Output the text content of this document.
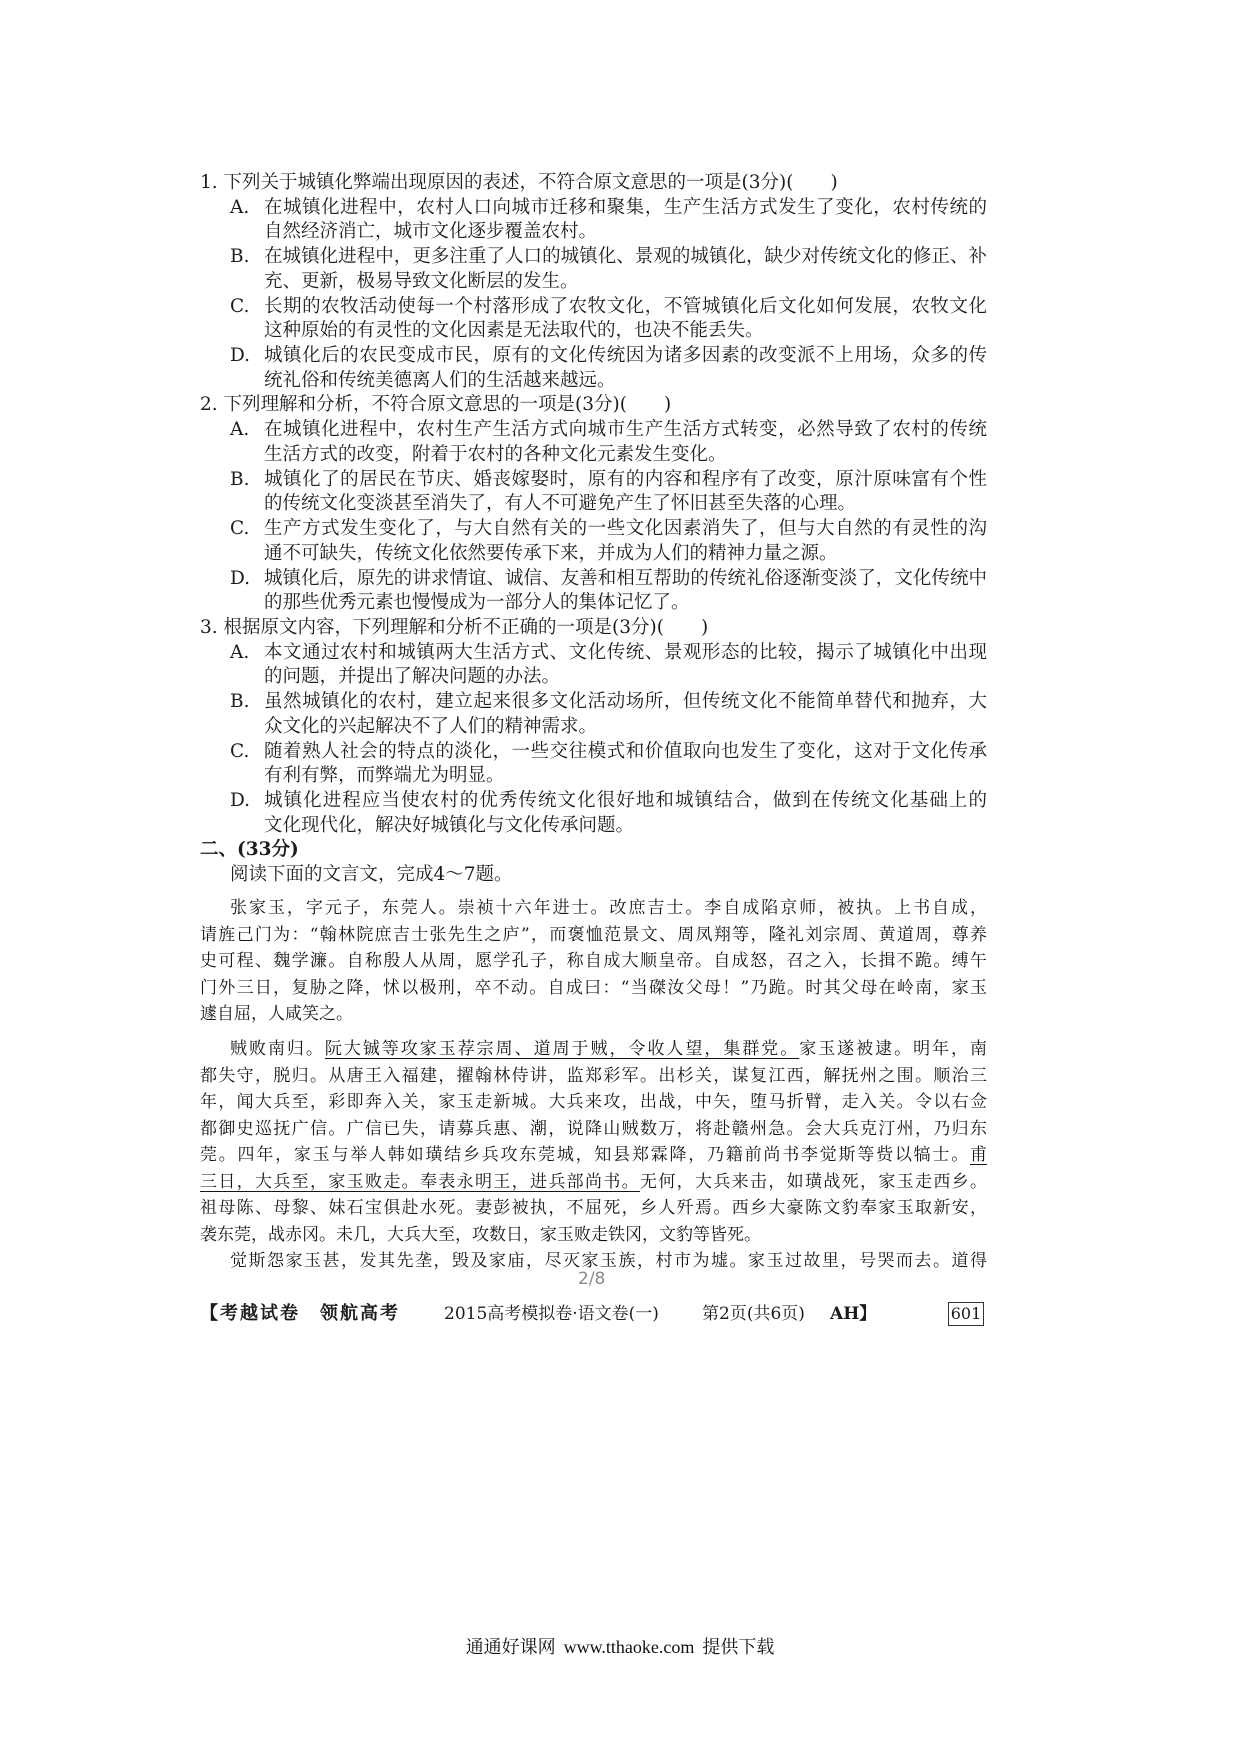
1. 下列关于城镇化弊端出现原因的表述，不符合原文意思的一项是(3分)(　　)
A. 在城镇化进程中，农村人口向城市迁移和聚集，生产生活方式发生了变化，农村传统的
自然经济消亡，城市文化逐步覆盖农村。
B. 在城镇化进程中，更多注重了人口的城镇化、景观的城镇化，缺少对传统文化的修正、补
充、更新，极易导致文化断层的发生。
C. 长期的农牧活动使每一个村落形成了农牧文化，不管城镇化后文化如何发展，农牧文化
这种原始的有灵性的文化因素是无法取代的，也决不能丢失。
D. 城镇化后的农民变成市民，原有的文化传统因为诸多因素的改变派不上用场，众多的传
统礼俗和传统美德离人们的生活越来越远。
2. 下列理解和分析，不符合原文意思的一项是(3分)(　　)
A. 在城镇化进程中，农村生产生活方式向城市生产生活方式转变，必然导致了农村的传统
生活方式的改变，附着于农村的各种文化元素发生变化。
B. 城镇化了的居民在节庆、婚丧嫁娶时，原有的内容和程序有了改变，原汁原味富有个性
的传统文化变淡甚至消失了，有人不可避免产生了怀旧甚至失落的心理。
C. 生产方式发生变化了，与大自然有关的一些文化因素消失了，但与大自然的有灵性的沟
通不可缺失，传统文化依然要传承下来，并成为人们的精神力量之源。
D. 城镇化后，原先的讲求情谊、诚信、友善和相互帮助的传统礼俗逐渐变淡了，文化传统中
的那些优秀元素也慢慢成为一部分人的集体记忆了。
3. 根据原文内容，下列理解和分析不正确的一项是(3分)(　　)
A. 本文通过农村和城镇两大生活方式、文化传统、景观形态的比较，揭示了城镇化中出现
的问题，并提出了解决问题的办法。
B. 虽然城镇化的农村，建立起来很多文化活动场所，但传统文化不能简单替代和抛弃，大
众文化的兴起解决不了人们的精神需求。
C. 随着熟人社会的特点的淡化，一些交往模式和价值取向也发生了变化，这对于文化传承
有利有弊，而弊端尤为明显。
D. 城镇化进程应当使农村的优秀传统文化很好地和城镇结合，做到在传统文化基础上的
文化现代化，解决好城镇化与文化传承问题。
二、(33分)
阅读下面的文言文，完成4～7题。
张家玉，字元子，东莞人。崇祯十六年进士。改庶吉士。李自成陷京师，被执。上书自成，
请旌己门为：“翰林院庶吉士张先生之庐”，而褒恤范景文、周凤翔等，隆礼刘宗周、黄道周，尊养
史可程、魏学濂。自称殷人从周，愿学孔子，称自成大顺皇帝。自成怒，召之入，长揖不跪。缚午
门外三日，复胁之降，怵以极刑，卒不动。自成曰：“当磔汝父母！”乃跪。时其父母在岭南，家玉
遽自屈，人咸笑之。
贼败南归。阮大铖等攻家玉荐宗周、道周于贼，令收人望，集群党。家玉遂被逮。明年，南
都失守，脱归。从唐王入福建，擢翰林侍讲，监郑彩军。出杉关，谋复江西，解抚州之围。顺治三
年，闻大兵至，彩即奔入关，家玉走新城。大兵来攻，出战，中矢，堕马折臂，走入关。令以右佥
都御史巡抚广信。广信已失，请募兵惠、潮，说降山贼数万，将赴赣州急。会大兵克汀州，乃归东
莞。四年，家玉与举人韩如璜结乡兵攻东莞城，知县郑霖降，乃籍前尚书李觉斯等赀以犒士。甫
三日，大兵至，家玉败走。奉表永明王，进兵部尚书。无何，大兵来击，如璜战死，家玉走西乡。
祖母陈、母黎、妹石宝俱赴水死。妻彭被执，不屈死，乡人歼焉。西乡大豪陈文豹奉家玉取新安，
袭东莞，战赤冈。未几，大兵大至，攻数日，家玉败走铁冈，文豹等皆死。
觉斯怨家玉甚，发其先垄，毁及家庙，尽灭家玉族，村市为墟。家玉过故里，号哭而去。道得
2/8
【考越试卷　领航高考	2015高考模拟卷·语文卷(一)	第2页(共6页) AH】	601
通通好课网 www.tthaoke.com 提供下载
